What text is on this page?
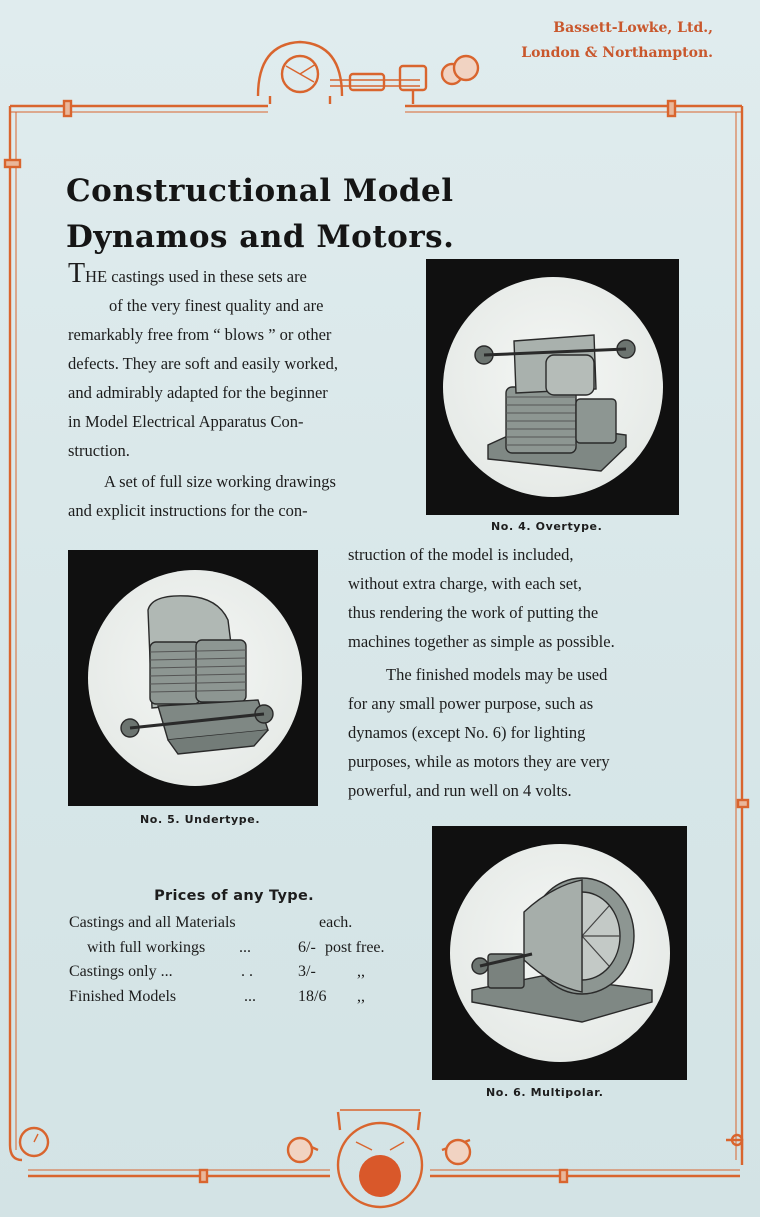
Bassett-Lowke, Ltd.,
London & Northampton.
Constructional Model
Dynamos and Motors.
THE castings used in these sets are
of the very finest quality and are
remarkably free from “ blows ” or other
defects. They are soft and easily worked,
and admirably adapted for the beginner
in Model Electrical Apparatus Con-
struction.
A set of full size working drawings
and explicit instructions for the con-
struction of the model is included,
without extra charge, with each set,
thus rendering the work of putting the
machines together as simple as possible.
The finished models may be used
for any small power purpose, such as
dynamos (except No. 6) for lighting
purposes, while as motors they are very
powerful, and run well on 4 volts.
No. 4. Overtype.
No. 5. Undertype.
No. 6. Multipolar.
Prices of any Type.
Castings and all Materials	each.
with full workings ...	6/- post free.
Castings only ...	. .	3/-	,,
Finished Models	...	18/6 ,,
